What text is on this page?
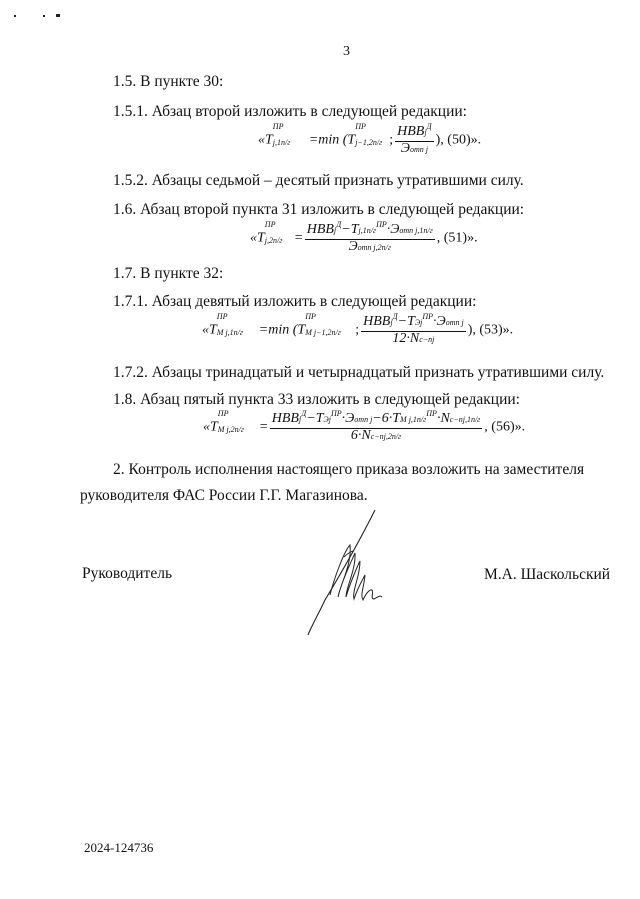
3
1.5. В пункте 30:
1.5.1. Абзац второй изложить в следующей редакции:
«T
ПР
j,1п/г =min (T
ПР
j−1,2п/г ; $\frac{НВВj^Д}{\text{Эотп j}}$ ), (50)».
1.5.2. Абзацы седьмой – десятый признать утратившими силу.
1.6. Абзац второй пункта 31 изложить в следующей редакции:
«T
ПР
$j,2п/г = \frac{НВВj^Д-Tj,1п/г^{ПР}\cdot Эотп j,1п/г}{\text{Эотп j,2п/г}}$ , (51)».
1.7. В пункте 32:
1.7.1. Абзац девятый изложить в следующей редакции:
«T
ПР
M j,1п/г =min (T
ПР
M j−1,2п/г ; $\frac{НВВj^Д-TЭj^{ПР}\cdot Эотп j}{12\cdot Nc-пj}$ ), (53)».
1.7.2. Абзацы тринадцатый и четырнадцатый признать утратившими силу.
1.8. Абзац пятый пункта 33 изложить в следующей редакции:
«T
ПР
M $j,2п/г = \frac{НВВj^Д-TЭj^{ПР}\cdot Эотп j-6\cdot TM j,1п/г^{ПР}\cdot Nc-пj,1п/г}{6\cdot Nc-пj,2п/г}$ , (56)».
2. Контроль исполнения настоящего приказа возложить на заместителя
руководителя ФАС России Г.Г. Магазинова.
Руководитель	М.А. Шаскольский
2024-124736
